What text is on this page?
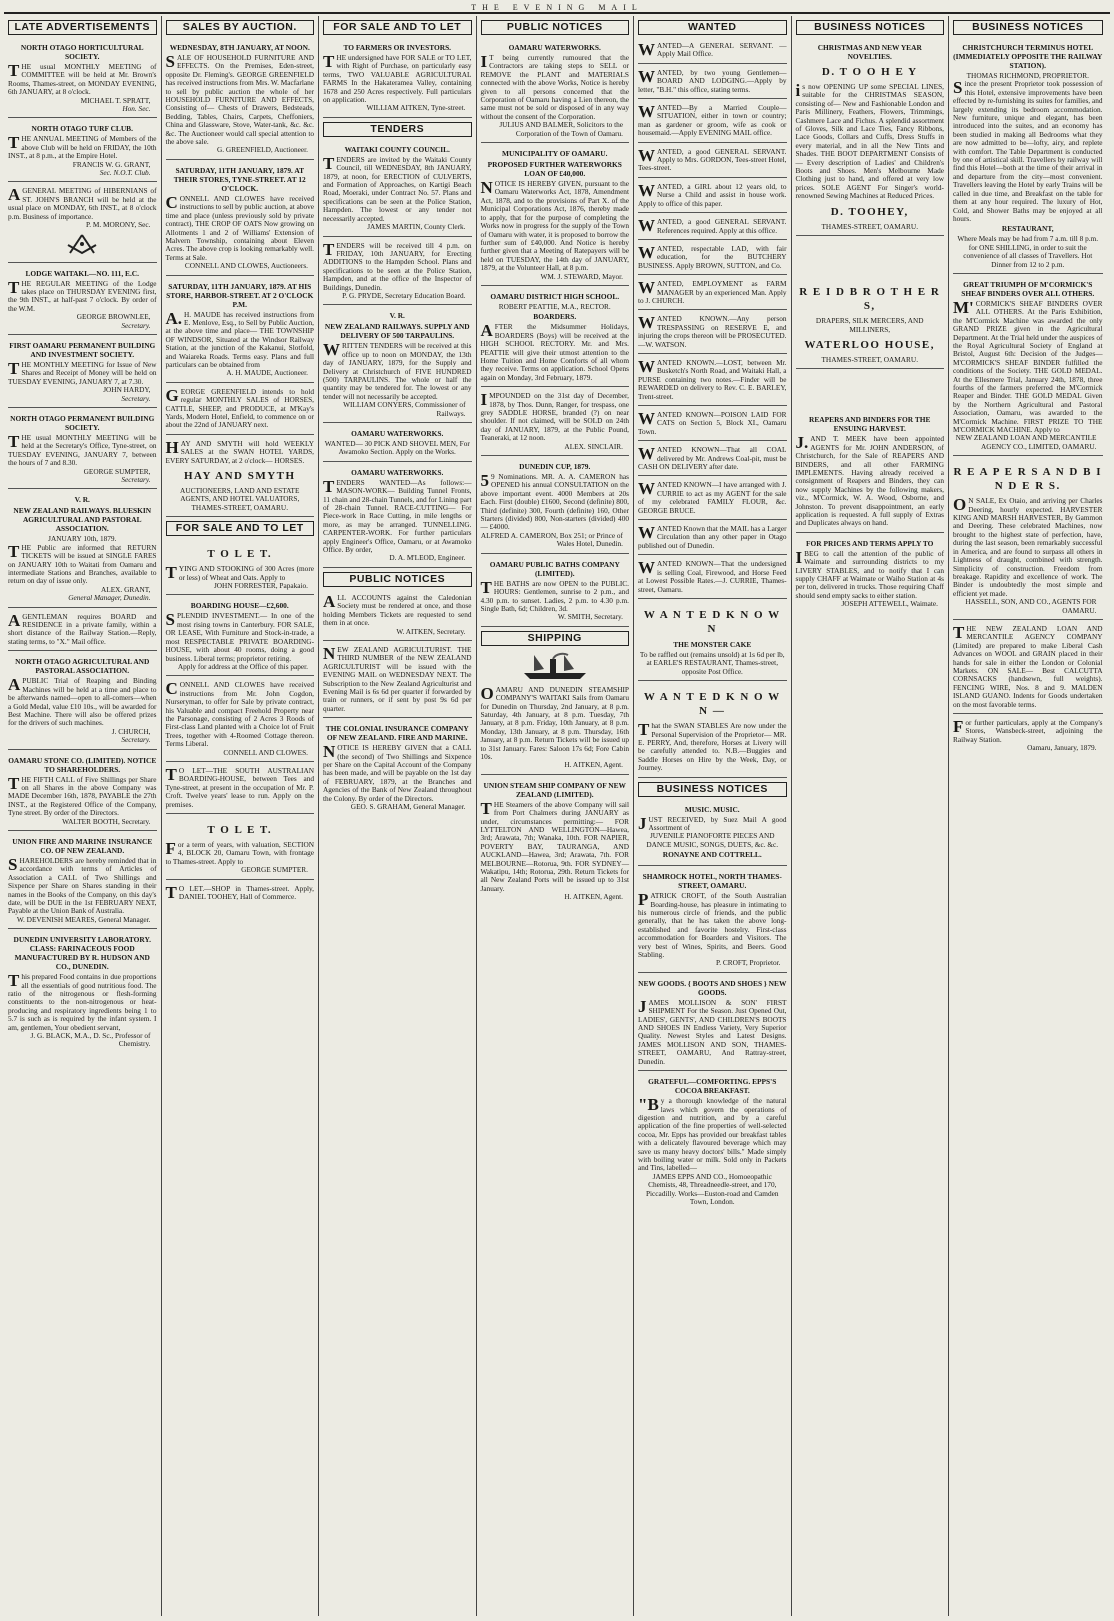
THE EVENING MAIL
LATE ADVERTISEMENTS
NORTH OTAGO HORTICULTURAL SOCIETY.
THE usual MONTHLY MEETING of COMMITTEE will be held at Mr. Brown's Rooms, Thames-street, on MONDAY EVENING, 6th JANUARY, at 8 o'clock.
MICHAEL T. SPRATT,
Hon. Sec.
NORTH OTAGO TURF CLUB.
THE ANNUAL MEETING of Members of the above Club will be held on FRIDAY, the 10th INST., at 8 p.m., at the Empire Hotel.
FRANCIS W. G. GRANT,
Sec. N.O.T. Club.
AGENERAL MEETING of HIBERNIANS of ST. JOHN'S BRANCH will be held at the usual place on MONDAY, 6th INST., at 8 o'clock p.m. Business of importance.
P. M. MORONY, Sec.
LODGE WAITAKI.—NO. 111, E.C.
THE REGULAR MEETING of the Lodge takes place on THURSDAY EVENING first, the 9th INST., at half-past 7 o'clock. By order of the W.M.
GEORGE BROWNLEE,
Secretary.
FIRST OAMARU PERMANENT BUILDING AND INVESTMENT SOCIETY.
THE MONTHLY MEETING for Issue of New Shares and Receipt of Money will be held on TUESDAY EVENING, JANUARY 7, at 7.30.
JOHN HARDY,
Secretary.
NORTH OTAGO PERMANENT BUILDING SOCIETY.
THE usual MONTHLY MEETING will be held at the Secretary's Office, Tyne-street, on TUESDAY EVENING, JANUARY 7, between the hours of 7 and 8.30.
GEORGE SUMPTER,
Secretary.
V. R.
NEW ZEALAND RAILWAYS. BLUESKIN AGRICULTURAL AND PASTORAL ASSOCIATION.
JANUARY 10th, 1879.
THE Public are informed that RETURN TICKETS will be issued at SINGLE FARES on JANUARY 10th to Waitati from Oamaru and intermediate Stations and Branches, available to return on day of issue only.
ALEX. GRANT,
General Manager, Dunedin.
AGENTLEMAN requires BOARD and RESIDENCE in a private family, within a short distance of the Railway Station.—Reply, stating terms, to "X." Mail office.
NORTH OTAGO AGRICULTURAL AND PASTORAL ASSOCIATION.
APUBLIC Trial of Reaping and Binding Machines will be held at a time and place to be afterwards named—open to all-comers—when a Gold Medal, value £10 10s., will be awarded for Best Machine. There will also be offered prizes for the drivers of such machines.
J. CHURCH,
Secretary.
OAMARU STONE CO. (LIMITED). NOTICE TO SHAREHOLDERS.
THE FIFTH CALL of Five Shillings per Share on all Shares in the above Company was MADE December 16th, 1878, PAYABLE the 27th INST., at the Registered Office of the Company, Tyne street. By order of the Directors.
WALTER BOOTH, Secretary.
UNION FIRE AND MARINE INSURANCE CO. OF NEW ZEALAND.
SHAREHOLDERS are hereby reminded that in accordance with terms of Articles of Association a CALL of Two Shillings and Sixpence per Share on Shares standing in their names in the Books of the Company, on this day's date, will be DUE in the 1st FEBRUARY NEXT, Payable at the Union Bank of Australia.
W. DEVENISH MEARES, General Manager.
DUNEDIN UNIVERSITY LABORATORY. CLASS: FARINACEOUS FOOD MANUFACTURED BY R. HUDSON AND CO., DUNEDIN.
This prepared Food contains in due proportions all the essentials of good nutritious food. The ratio of the nitrogenous or flesh-forming constituents to the non-nitrogenous or heat-producing and respiratory ingredients being 1 to 5.7 is such as is required by the infant system. I am, gentlemen, Your obedient servant,
J. G. BLACK, M.A., D. Sc., Professor of Chemistry.
SALES BY AUCTION.
WEDNESDAY, 8TH JANUARY, AT NOON.
SALE OF HOUSEHOLD FURNITURE AND EFFECTS. On the Premises, Eden-street, opposite Dr. Fleming's. GEORGE GREENFIELD has received instructions from Mrs. W. Macfarlane to sell by public auction the whole of her HOUSEHOLD FURNITURE AND EFFECTS, Consisting of— Chests of Drawers, Bedsteads, Bedding, Tables, Chairs, Carpets, Cheffoniers, China and Glassware, Stove, Water-tank, &c. &c. &c. The Auctioneer would call special attention to the above sale.
G. GREENFIELD, Auctioneer.
SATURDAY, 11TH JANUARY, 1879. AT THEIR STORES, TYNE-STREET. AT 12 O'CLOCK.
CONNELL AND CLOWES have received instructions to sell by public auction, at above time and place (unless previously sold by private contract), THE CROP OF OATS Now growing on Allotments 1 and 2 of Williams' Extension of Malvern Township, containing about Eleven Acres. The above crop is looking remarkably well. Terms at Sale.
CONNELL AND CLOWES, Auctioneers.
SATURDAY, 11TH JANUARY, 1879. AT HIS STORE, HARBOR-STREET. AT 2 O'CLOCK P.M.
A.H. MAUDE has received instructions from E. Menlove, Esq., to Sell by Public Auction, at the above time and place— THE TOWNSHIP OF WINDSOR, Situated at the Windsor Railway Station, at the junction of the Kakanui, Slotfold, and Waiareka Roads. Terms easy. Plans and full particulars can be obtained from
A. H. MAUDE, Auctioneer.
GEORGE GREENFIELD intends to hold regular MONTHLY SALES of HORSES, CATTLE, SHEEP, and PRODUCE, at M'Kay's Yards, Modern Hotel, Enfield, to commence on or about the 22nd of JANUARY next.
HAY AND SMYTH will hold WEEKLY SALES at the SWAN HOTEL YARDS, EVERY SATURDAY, at 2 o'clock— HORSES.
HAY AND SMYTH
AUCTIONEERS, LAND AND ESTATE AGENTS, AND HOTEL VALUATORS,
THAMES-STREET, OAMARU.
FOR SALE AND TO LET
T O L E T.
TYING AND STOOKING of 300 Acres (more or less) of Wheat and Oats. Apply to
JOHN FORRESTER, Papakaio.
BOARDING HOUSE—£2,600.
SPLENDID INVESTMENT.— In one of the most rising towns in Canterbury. FOR SALE, OR LEASE, With Furniture and Stock-in-trade, a most RESPECTABLE PRIVATE BOARDING-HOUSE, with about 40 rooms, doing a good business. Liberal terms; proprietor retiring.
Apply for address at the Office of this paper.
CONNELL AND CLOWES have received instructions from Mr. John Cogdon, Nurseryman, to offer for Sale by private contract, his Valuable and compact Freehold Property near the Parsonage, consisting of 2 Acres 3 Roods of First-class Land planted with a Choice lot of Fruit Trees, together with 4-Roomed Cottage thereon. Terms Liberal.
CONNELL AND CLOWES.
TO LET—THE SOUTH AUSTRALIAN BOARDING-HOUSE, between Tees and Tyne-street, at present in the occupation of Mr. P. Croft. Twelve years' lease to run. Apply on the premises.
T O L E T.
For a term of years, with valuation, SECTION 4, BLOCK 20, Oamaru Town, with frontage to Thames-street. Apply to
GEORGE SUMPTER.
TO LET.—SHOP in Thames-street. Apply, DANIEL TOOHEY, Hall of Commerce.
FOR SALE AND TO LET
TO FARMERS OR INVESTORS.
THE undersigned have FOR SALE or TO LET, with Right of Purchase, on particularly easy terms, TWO VALUABLE AGRICULTURAL FARMS In the Hakateramea Valley, containing 1678 and 250 Acres respectively. Full particulars on application.
WILLIAM AITKEN, Tyne-street.
TENDERS
WAITAKI COUNTY COUNCIL.
TENDERS are invited by the Waitaki County Council, till WEDNESDAY, 8th JANUARY, 1879, at noon, for ERECTION of CULVERTS, and Formation of Approaches, on Kartigi Beach Road, Moeraki, under Contract No. 57. Plans and specifications can be seen at the Police Station, Hampden. The lowest or any tender not necessarily accepted.
JAMES MARTIN, County Clerk.
TENDERS will be received till 4 p.m. on FRIDAY, 10th JANUARY, for Erecting ADDITIONS to the Hampden School. Plans and specifications to be seen at the Police Station, Hampden, and at the office of the Inspector of Buildings, Dunedin.
P. G. PRYDE, Secretary Education Board.
V. R.
NEW ZEALAND RAILWAYS. SUPPLY AND DELIVERY OF 500 TARPAULINS.
WRITTEN TENDERS will be received at this office up to noon on MONDAY, the 13th day of JANUARY, 1879, for the Supply and Delivery at Christchurch of FIVE HUNDRED (500) TARPAULINS. The whole or half the quantity may be tendered for. The lowest or any tender will not necessarily be accepted.
WILLIAM CONYERS, Commissioner of Railways.
OAMARU WATERWORKS.
WANTED— 30 PICK AND SHOVEL MEN, For Awamoko Section. Apply on the Works.
OAMARU WATERWORKS.
TENDERS WANTED—As follows:— MASON-WORK— Building Tunnel Fronts, 11 chain and 28-chain Tunnels, and for Lining part of 28-chain Tunnel. RACE-CUTTING— For Piece-work in Race Cutting, in mile lengths or more, as may be arranged. TUNNELLING. CARPENTER-WORK. For further particulars apply Engineer's Office, Oamaru, or at Awamoko Office. By order,
D. A. M'LEOD, Engineer.
PUBLIC NOTICES
ALL ACCOUNTS against the Caledonian Society must be rendered at once, and those holding Members Tickets are requested to send them in at once.
W. AITKEN, Secretary.
NEW ZEALAND AGRICULTURIST. THE THIRD NUMBER of the NEW ZEALAND AGRICULTURIST will be issued with the EVENING MAIL on WEDNESDAY NEXT. The Subscription to the New Zealand Agriculturist and Evening Mail is 6s 6d per quarter if forwarded by train or runners, or if sent by post 9s 6d per quarter.
THE COLONIAL INSURANCE COMPANY OF NEW ZEALAND. FIRE AND MARINE.
NOTICE IS HEREBY GIVEN that a CALL (the second) of Two Shillings and Sixpence per Share on the Capital Account of the Company has been made, and will be payable on the 1st day of FEBRUARY, 1879, at the Branches and Agencies of the Bank of New Zealand throughout the Colony. By order of the Directors.
GEO. S. GRAHAM, General Manager.
PUBLIC NOTICES
OAMARU WATERWORKS.
IT being currently rumoured that the Contractors are taking steps to SELL or REMOVE the PLANT and MATERIALS connected with the above Works, Notice is hereby given to all persons concerned that the Corporation of Oamaru having a Lien thereon, the same must not be sold or disposed of in any way without the consent of the Corporation.
JULIUS AND BALMER, Solicitors to the Corporation of the Town of Oamaru.
MUNICIPALITY OF OAMARU.
PROPOSED FURTHER WATERWORKS LOAN OF £40,000.
NOTICE IS HEREBY GIVEN, pursuant to the Oamaru Waterworks Act, 1878, Amendment Act, 1878, and to the provisions of Part X. of the Municipal Corporations Act, 1876, thereby made to apply, that for the purpose of completing the Works now in progress for the supply of the Town of Oamaru with water, it is proposed to borrow the further sum of £40,000. And Notice is hereby further given that a Meeting of Ratepayers will be held on TUESDAY, the 14th day of JANUARY, 1879, at the Volunteer Hall, at 8 p.m.
WM. J. STEWARD, Mayor.
OAMARU DISTRICT HIGH SCHOOL.
ROBERT PEATTIE, M.A., RECTOR.
BOARDERS.
AFTER the Midsummer Holidays, BOARDERS (Boys) will be received at the HIGH SCHOOL RECTORY. Mr. and Mrs. PEATTIE will give their utmost attention to the Home Tuition and Home Comforts of all whom they receive. Terms on application. School Opens again on Monday, 3rd February, 1879.
IMPOUNDED on the 31st day of December, 1878, by Thos. Dunn, Ranger, for trespass, one grey SADDLE HORSE, branded (?) on near shoulder. If not claimed, will be SOLD on 24th day of JANUARY, 1879, at the Public Pound, Teaneraki, at 12 noon.
ALEX. SINCLAIR.
DUNEDIN CUP, 1879.
59 Nominations. MR. A. A. CAMERON has OPENED his annual CONSULTATION on the above important event. 4000 Members at 20s Each. First (double) £1600, Second (definite) 800, Third (definite) 300, Fourth (definite) 160, Other Starters (divided) 800, Non-starters (divided) 400 — £4000.
ALFRED A. CAMERON, Box 251; or Prince of Wales Hotel, Dunedin.
OAMARU PUBLIC BATHS COMPANY (LIMITED).
THE BATHS are now OPEN to the PUBLIC. HOURS: Gentlemen, sunrise to 2 p.m., and 4.30 p.m. to sunset. Ladies, 2 p.m. to 4.30 p.m. Single Bath, 6d; Children, 3d.
W. SMITH, Secretary.
SHIPPING
OAMARU AND DUNEDIN STEAMSHIP COMPANY'S WAITAKI Sails from Oamaru for Dunedin on Thursday, 2nd January, at 8 p.m. Saturday, 4th January, at 8 p.m. Tuesday, 7th January, at 8 p.m. Friday, 10th January, at 8 p.m. Monday, 13th January, at 8 p.m. Thursday, 16th January, at 8 p.m. Return Tickets will be issued up to 31st January. Fares: Saloon 17s 6d; Fore Cabin 10s.
H. AITKEN, Agent.
UNION STEAM SHIP COMPANY OF NEW ZEALAND (LIMITED).
THE Steamers of the above Company will sail from Port Chalmers during JANUARY as under, circumstances permitting:— FOR LYTTELTON AND WELLINGTON—Hawea, 3rd; Arawata, 7th; Wanaka, 10th. FOR NAPIER, POVERTY BAY, TAURANGA, AND AUCKLAND—Hawea, 3rd; Arawata, 7th. FOR MELBOURNE—Rotorua, 9th. FOR SYDNEY—Wakatipu, 14th; Rotorua, 29th. Return Tickets for all New Zealand Ports will be issued up to 31st January.
H. AITKEN, Agent.
WANTED
WANTED—A GENERAL SERVANT. —Apply Mail Office.
WANTED, by two young Gentlemen—BOARD AND LODGING.—Apply by letter, "B.H." this office, stating terms.
WANTED—By a Married Couple—SITUATION, either in town or country; man as gardener or groom, wife as cook or housemaid.—Apply EVENING MAIL office.
WANTED, a good GENERAL SERVANT. Apply to Mrs. GORDON, Tees-street Hotel, Tees-street.
WANTED, a GIRL about 12 years old, to Nurse a Child and assist in house work. Apply to office of this paper.
WANTED, a good GENERAL SERVANT. References required. Apply at this office.
WANTED, respectable LAD, with fair education, for the BUTCHERY BUSINESS. Apply BROWN, SUTTON, and Co.
WANTED, EMPLOYMENT as FARM MANAGER by an experienced Man. Apply to J. CHURCH.
WANTED KNOWN.—Any person TRESPASSING on RESERVE E, and injuring the crops thereon will be PROSECUTED.—W. WATSON.
WANTED KNOWN.—LOST, between Mr. Busketch's North Road, and Waitaki Hall, a PURSE containing two notes.—Finder will be REWARDED on delivery to Rev. C. E. BARLEY, Trent-street.
WANTED KNOWN—POISON LAID FOR CATS on Section 5, Block XI., Oamaru Town.
WANTED KNOWN—That all COAL delivered by Mr. Andrews Coal-pit, must be CASH ON DELIVERY after date.
WANTED KNOWN—I have arranged with J. CURRIE to act as my AGENT for the sale of my celebrated FAMILY FLOUR, &c. GEORGE BRUCE.
WANTED Known that the MAIL has a Larger Circulation than any other paper in Otago published out of Dunedin.
WANTED KNOWN—That the undersigned is selling Coal, Firewood, and Horse Feed at Lowest Possible Rates.—J. CURRIE, Thames-street, Oamaru.
W A N T E D K N O W N
THE MONSTER CAKE
To be raffled out (remains unsold) at 1s 6d per lb, at EARLE'S RESTAURANT, Thames-street, opposite Post Office.
W A N T E D K N O W N —
That the SWAN STABLES Are now under the Personal Supervision of the Proprietor— MR. E. PERRY, And, therefore, Horses at Livery will be carefully attended to. N.B.—Buggies and Saddle Horses on Hire by the Week, Day, or Journey.
BUSINESS NOTICES
MUSIC. MUSIC.
JUST RECEIVED, by Suez Mail A good Assortment of
JUVENILE PIANOFORTE PIECES AND DANCE MUSIC, SONGS, DUETS, &c. &c.
RONAYNE AND COTTRELL.
SHAMROCK HOTEL, NORTH THAMES-STREET, OAMARU.
PATRICK CROFT, of the South Australian Boarding-house, has pleasure in intimating to his numerous circle of friends, and the public generally, that he has taken the above long-established and favorite hostelry. First-class accommodation for Boarders and Visitors. The very best of Wines, Spirits, and Beers. Good Stabling.
P. CROFT, Proprietor.
NEW GOODS. { BOOTS AND SHOES } NEW GOODS.
JAMES MOLLISON & SON' FIRST SHIPMENT For the Season. Just Opened Out, LADIES', GENTS', AND CHILDREN'S BOOTS AND SHOES IN Endless Variety, Very Superior Quality. Newest Styles and Latest Designs. JAMES MOLLISON AND SON, THAMES-STREET, OAMARU, And Rattray-street, Dunedin.
GRATEFUL—COMFORTING. EPPS'S COCOA BREAKFAST.
"By a thorough knowledge of the natural laws which govern the operations of digestion and nutrition, and by a careful application of the fine properties of well-selected cocoa, Mr. Epps has provided our breakfast tables with a delicately flavoured beverage which may save us many heavy doctors' bills." Made simply with boiling water or milk. Sold only in Packets and Tins, labelled—
JAMES EPPS AND CO., Homoeopathic Chemists, 48, Threadneedle-street, and 170, Piccadilly. Works—Euston-road and Camden Town, London.
BUSINESS NOTICES
CHRISTMAS AND NEW YEAR NOVELTIES.
D. T O O H E Y
is now OPENING UP some SPECIAL LINES, suitable for the CHRISTMAS SEASON, consisting of— New and Fashionable London and Paris Millinery, Feathers, Flowers, Trimmings, Cashmere Lace and Fichus. A splendid assortment of Gloves, Silk and Lace Ties, Fancy Ribbons, Lace Goods, Collars and Cuffs, Dress Stuffs in every material, and in all the New Tints and Shades. THE BOOT DEPARTMENT Consists of— Every description of Ladies' and Children's Boots and Shoes. Men's Melbourne Made Clothing just to hand, and offered at very low prices. SOLE AGENT For Singer's world-renowned Sewing Machines at Reduced Prices.
D. TOOHEY,
THAMES-STREET, OAMARU.
R E I D B R O T H E R S,
DRAPERS, SILK MERCERS, AND MILLINERS,
WATERLOO HOUSE,
THAMES-STREET, OAMARU.
REAPERS AND BINDERS FOR THE ENSUING HARVEST.
J.AND T. MEEK have been appointed AGENTS for Mr. JOHN ANDERSON, of Christchurch, for the Sale of REAPERS AND BINDERS, and all other FARMING IMPLEMENTS. Having already received a consignment of Reapers and Binders, they can now supply Machines by the following makers, viz., M'Cormick, W. A. Wood, Osborne, and Johnston. To prevent disappointment, an early application is requested. A full supply of Extras and Duplicates always on hand.
FOR PRICES AND TERMS APPLY TO
IBEG to call the attention of the public of Waimate and surrounding districts to my LIVERY STABLES, and to notify that I can supply CHAFF at Waimate or Waiho Station at 4s per ton, delivered in trucks. Those requiring Chaff should send empty sacks to either station.
JOSEPH ATTEWELL, Waimate.
BUSINESS NOTICES
CHRISTCHURCH TERMINUS HOTEL (IMMEDIATELY OPPOSITE THE RAILWAY STATION).
THOMAS RICHMOND, PROPRIETOR.
Since the present Proprietor took possession of this Hotel, extensive improvements have been effected by re-furnishing its suites for families, and largely extending its bedroom accommodation. New furniture, unique and elegant, has been introduced into the suites, and an economy has been studied in making all Bedrooms what they are now admitted to be—lofty, airy, and replete with comfort. The Table Department is conducted by one of artistical skill. Travellers by railway will find this Hotel—both at the time of their arrival in and departure from the city—most convenient. Travellers leaving the Hotel by early Trains will be called in due time, and Breakfast on the table for them at any hour required. The luxury of Hot, Cold, and Shower Baths may be enjoyed at all hours.
RESTAURANT,
Where Meals may be had from 7 a.m. till 8 p.m. for ONE SHILLING, in order to suit the convenience of all classes of Travellers. Hot Dinner from 12 to 2 p.m.
GREAT TRIUMPH OF M'CORMICK'S SHEAF BINDERS OVER ALL OTHERS.
M'CORMICK'S SHEAF BINDERS OVER ALL OTHERS. At the Paris Exhibition, the M'Cormick Machine was awarded the only GRAND PRIZE given in the Agricultural Department. At the Trial held under the auspices of the Royal Agricultural Society of England at Bristol, August 6th: Decision of the Judges—M'CORMICK'S SHEAF BINDER fulfilled the conditions of the Society. THE GOLD MEDAL. At the Ellesmere Trial, January 24th, 1878, three fourths of the farmers preferred the M'Cormick Reaper and Binder. THE GOLD MEDAL Given by the Northern Agricultural and Pastoral Association, Oamaru, was awarded to the M'Cormick Machine. FIRST PRIZE TO THE M'CORMICK MACHINE. Apply to
NEW ZEALAND LOAN AND MERCANTILE AGENCY CO., LIMITED, OAMARU.
R E A P E R S A N D B I N D E R S.
ON SALE, Ex Otaio, and arriving per Charles Deering, hourly expected. HARVESTER KING AND MARSH HARVESTER, By Gammon and Deering. These celebrated Machines, now brought to the highest state of perfection, have, during the last season, been remarkably successful in America, and are found to surpass all others in Lightness of draught, combined with strength. Simplicity of construction. Freedom from breakage. Rapidity and excellence of work. The Binder is undoubtedly the most simple and efficient yet made.
HASSELL, SON, AND CO., AGENTS FOR OAMARU.
THE NEW ZEALAND LOAN AND MERCANTILE AGENCY COMPANY (Limited) are prepared to make Liberal Cash Advances on WOOL and GRAIN placed in their hands for sale in either the London or Colonial Markets. ON SALE— Best CALCUTTA CORNSACKS (handsewn, full weights). FENCING WIRE, Nos. 8 and 9. MALDEN ISLAND GUANO. Indents for Goods undertaken on the most favorable terms.
For further particulars, apply at the Company's Stores, Wansbeck-street, adjoining the Railway Station.
Oamaru, January, 1879.
